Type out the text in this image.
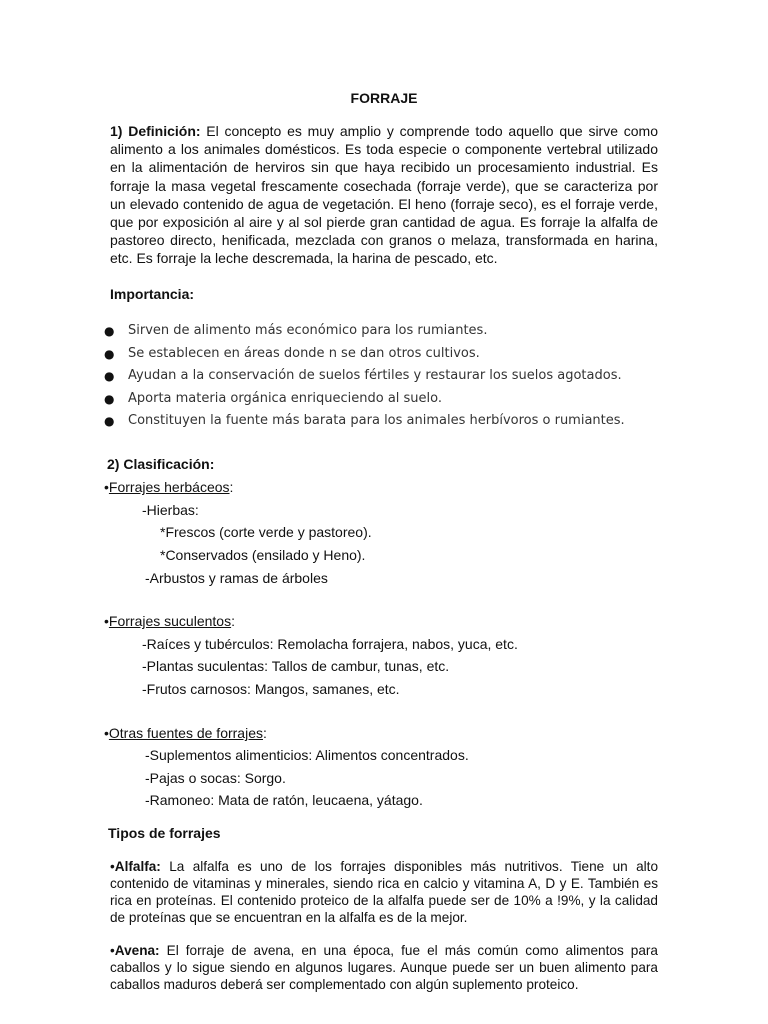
FORRAJE
1) Definición: El concepto es muy amplio y comprende todo aquello que sirve como alimento a los animales domésticos. Es toda especie o componente vertebral utilizado en la alimentación de herviros sin que haya recibido un procesamiento industrial. Es forraje la masa vegetal frescamente cosechada (forraje verde), que se caracteriza por un elevado contenido de agua de vegetación. El heno (forraje seco), es el forraje verde, que por exposición al aire y al sol pierde gran cantidad de agua. Es forraje la alfalfa de pastoreo directo, henificada, mezclada con granos o melaza, transformada en harina, etc. Es forraje la leche descremada, la harina de pescado, etc.
Importancia:
● Sirven de alimento más económico para los rumiantes.
● Se establecen en áreas donde n se dan otros cultivos.
● Ayudan a la conservación de suelos fértiles y restaurar los suelos agotados.
● Aporta materia orgánica enriqueciendo al suelo.
● Constituyen la fuente más barata para los animales herbívoros o rumiantes.
2) Clasificación:
•Forrajes herbáceos:
-Hierbas:
*Frescos (corte verde y pastoreo).
*Conservados (ensilado y Heno).
-Arbustos y ramas de árboles
•Forrajes suculentos:
-Raíces y tubérculos: Remolacha forrajera, nabos, yuca, etc.
-Plantas suculentas: Tallos de cambur, tunas, etc.
-Frutos carnosos: Mangos, samanes, etc.
•Otras fuentes de forrajes:
-Suplementos alimenticios: Alimentos concentrados.
-Pajas o socas: Sorgo.
-Ramoneo: Mata de ratón, leucaena, yátago.
Tipos de forrajes
•Alfalfa: La alfalfa es uno de los forrajes disponibles más nutritivos. Tiene un alto contenido de vitaminas y minerales, siendo rica en calcio y vitamina A, D y E. También es rica en proteínas. El contenido proteico de la alfalfa puede ser de 10% a !9%, y la calidad de proteínas que se encuentran en la alfalfa es de la mejor.
•Avena: El forraje de avena, en una época, fue el más común como alimentos para caballos y lo sigue siendo en algunos lugares. Aunque puede ser un buen alimento para caballos maduros deberá ser complementado con algún suplemento proteico.
